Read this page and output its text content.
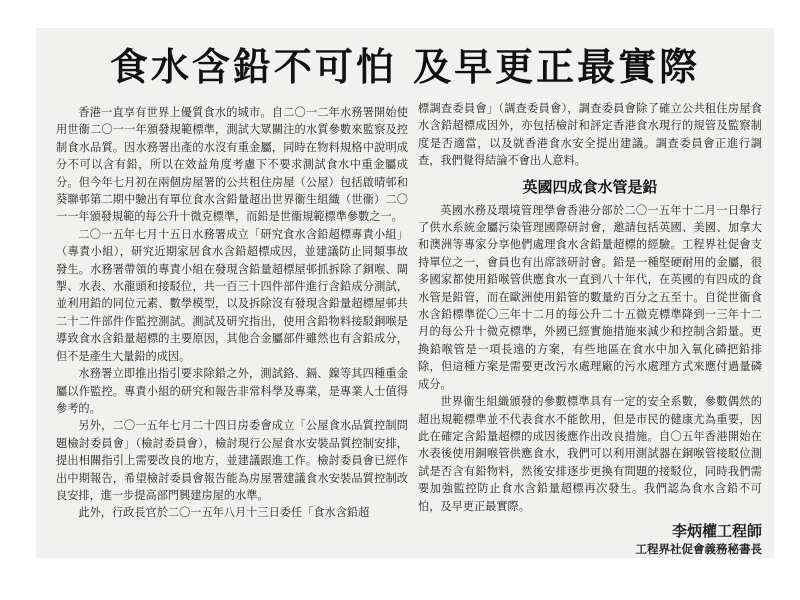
食水含鉛不可怕 及早更正最實際

香港一直享有世界上優質食水的城市。自二〇一二年水務署開始使用世衞二〇一一年頒發規範標準，測試大眾關注的水質參數來監察及控制食水品質。因水務署出產的水沒有重金屬，同時在物料規格中說明成分不可以含有鉛，所以在效益角度考慮下不要求測試食水中重金屬成分。但今年七月初在兩個房屋署的公共租住房屋（公屋）包括啟晴邨和葵聯邨第二期中驗出有單位食水含鉛量超出世界衞生組織（世衞）二〇一一年頒發規範的每公升十微克標準，而鉛是世衞規範標準參數之一。

二〇一五年七月十五日水務署成立「研究食水含鉛超標專責小組」（專責小組），研究近期家居食水含鉛超標成因，並建議防止同類事故發生。水務署帶領的專責小組在發現含鉛量超標屋邨抓拆除了銅喉、閘掣、水表、水龍頭和接駁位，共一百三十四件部件進行含鉛成分測試，並利用鉛的同位元素、數學模型，以及拆除沒有發現含鉛量超標屋邨共二十二件部件作監控測試。測試及研究指出，使用含鉛物料接駁銅喉是導致食水含鉛量超標的主要原因，其他合金屬部件雖然也有含鉛成分，但不是產生大量鉛的成因。

水務署立即推出指引要求除鉛之外，測試鉻、鎘、鎳等其四種重金屬以作監控。專責小組的研究和報告非常科學及專業，是專業人士值得參考的。

另外，二〇一五年七月二十四日房委會成立「公屋食水品質控制問題檢討委員會」（檢討委員會），檢討現行公屋食水安裝品質控制安排，提出相關指引上需要改良的地方，並建議跟進工作。檢討委員會已經作出中期報告，希望檢討委員會報告能為房屋署建議食水安裝品質控制改良安排，進一步提高部門興建房屋的水準。

此外，行政長官於二〇一五年八月十三日委任「食水含鉛超

標調查委員會」（調查委員會），調查委員會除了確立公共租住房屋食水含鉛超標成因外，亦包括檢討和評定香港食水現行的規管及監察制度是否適當，以及就香港食水安全提出建議。調查委員會正進行調查，我們覺得結論不會出人意料。

英國四成食水管是鉛

英國水務及環境管理學會香港分部於二〇一五年十二月一日舉行了供水系統金屬污染管理國際研討會，邀請包括英國、美國、加拿大和澳洲等專家分享他們處理食水含鉛量超標的經驗。工程界社促會支持單位之一，會員也有出席該研討會。鉛是一種堅硬耐用的金屬，很多國家都使用鉛喉管供應食水一直到八十年代，在英國的有四成的食水管是鉛管，而在歐洲使用鉛管的數量約百分之五至十。自從世衞食水含鉛標準從〇三年十二月的每公升二十五微克標準降到一三年十二月的每公升十微克標準，外國已經實施措施來減少和控制含鉛量。更換鉛喉管是一項長遠的方案，有些地區在食水中加入氧化磷把鉛排除，但這種方案是需要更改污水處理廠的污水處理方式來應付過量磷成分。

世界衞生組織頒發的參數標準具有一定的安全系數，參數偶然的超出規範標準並不代表食水不能飲用，但是市民的健康尤為重要，因此在確定含鉛量超標的成因後應作出改良措施。自〇五年香港開始在水表後使用銅喉管供應食水，我們可以利用測試器在銅喉管接駁位測試是否含有鉛物料，然後安排逐步更換有問題的接駁位，同時我們需要加強監控防止食水含鉛量超標再次發生。我們認為食水含鉛不可怕，及早更正最實際。

李炳權工程師
工程界社促會義務秘書長
